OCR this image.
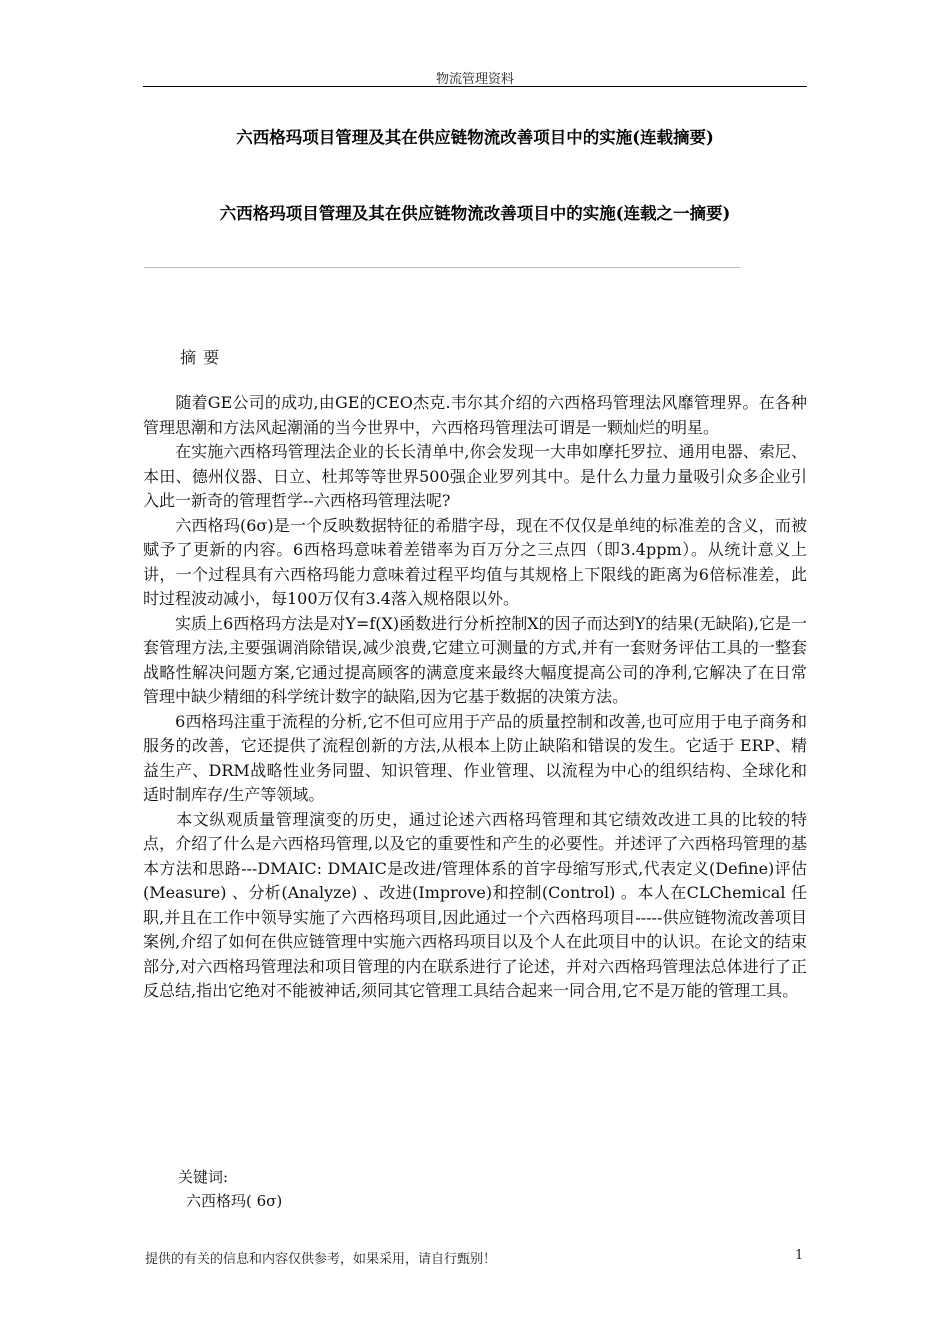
物流管理资料
六西格玛项目管理及其在供应链物流改善项目中的实施(连载摘要)
六西格玛项目管理及其在供应链物流改善项目中的实施(连载之一摘要)
摘 要

　　随着GE公司的成功,由GE的CEO杰克.韦尔其介绍的六西格玛管理法风靡管理界。在各种管理思潮和方法风起潮涌的当今世界中，六西格玛管理法可谓是一颗灿烂的明星。

　　在实施六西格玛管理法企业的长长清单中,你会发现一大串如摩托罗拉、通用电器、索尼、本田、德州仪器、日立、杜邦等等世界500强企业罗列其中。是什么力量力量吸引众多企业引入此一新奇的管理哲学--六西格玛管理法呢?

　　六西格玛(6σ)是一个反映数据特征的希腊字母，现在不仅仅是单纯的标准差的含义，而被赋予了更新的内容。6西格玛意味着差错率为百万分之三点四（即3.4ppm）。从统计意义上讲，一个过程具有六西格玛能力意味着过程平均值与其规格上下限线的距离为6倍标准差，此时过程波动减小，每100万仅有3.4落入规格限以外。

　　实质上6西格玛方法是对Y=f(X)函数进行分析控制X的因子而达到Y的结果(无缺陷),它是一套管理方法,主要强调消除错误,减少浪费,它建立可测量的方式,并有一套财务评估工具的一整套战略性解决问题方案,它通过提高顾客的满意度来最终大幅度提高公司的净利,它解决了在日常管理中缺少精细的科学统计数字的缺陷,因为它基于数据的决策方法。

　　6西格玛注重于流程的分析,它不但可应用于产品的质量控制和改善,也可应用于电子商务和服务的改善，它还提供了流程创新的方法,从根本上防止缺陷和错误的发生。它适于 ERP、精益生产、DRM战略性业务同盟、知识管理、作业管理、以流程为中心的组织结构、全球化和适时制库存/生产等领域。

　　本文纵观质量管理演变的历史，通过论述六西格玛管理和其它绩效改进工具的比较的特点，介绍了什么是六西格玛管理,以及它的重要性和产生的必要性。并述评了六西格玛管理的基本方法和思路---DMAIC: DMAIC是改进/管理体系的首字母缩写形式,代表定义(Define)评估(Measure) 、分析(Analyze) 、改进(Improve)和控制(Control) 。本人在CLChemical 任职,并且在工作中领导实施了六西格玛项目,因此通过一个六西格玛项目-----供应链物流改善项目案例,介绍了如何在供应链管理中实施六西格玛项目以及个人在此项目中的认识。在论文的结束部分,对六西格玛管理法和项目管理的内在联系进行了论述，并对六西格玛管理法总体进行了正反总结,指出它绝对不能被神话,须同其它管理工具结合起来一同合用,它不是万能的管理工具。

关键词:
六西格玛( 6σ)
提供的有关的信息和内容仅供参考，如果采用，请自行甄别！	1
